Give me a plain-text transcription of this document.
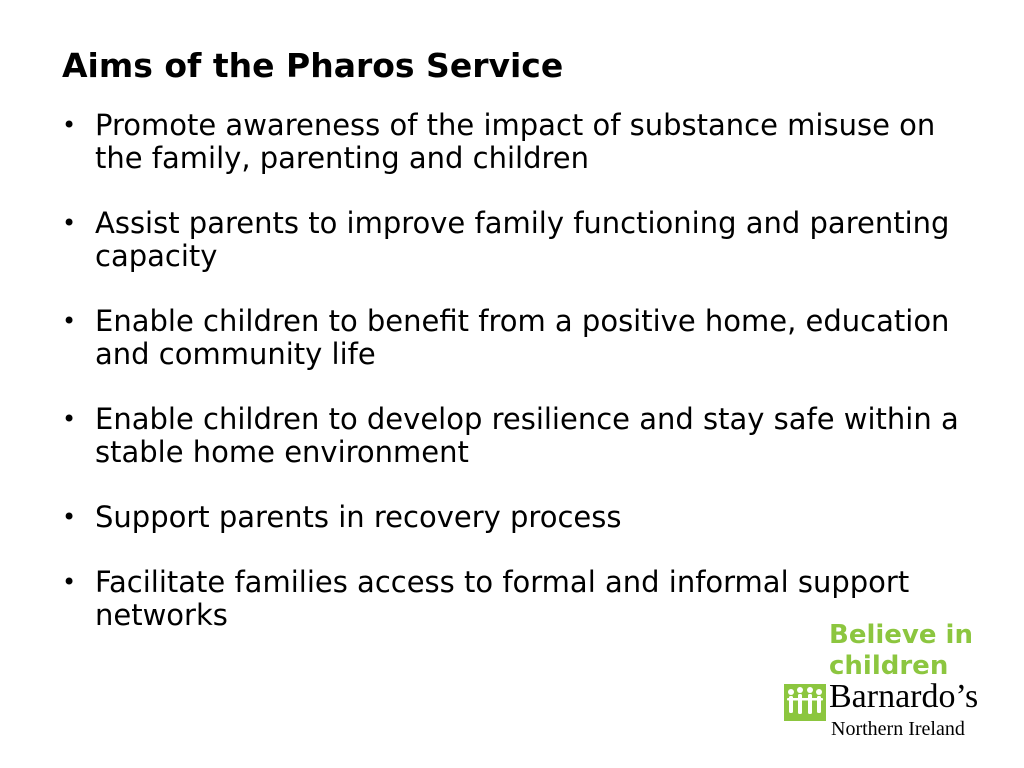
Aims of the Pharos Service
• Promote awareness of the impact of substance misuse on the family, parenting and children
• Assist parents to improve family functioning and parenting capacity
• Enable children to benefit from a positive home, education and community life
• Enable children to develop resilience and stay safe within a stable home environment
• Support parents in recovery process
• Facilitate families access to formal and informal support networks

Believe in
children

Barnardo’s
Northern Ireland
